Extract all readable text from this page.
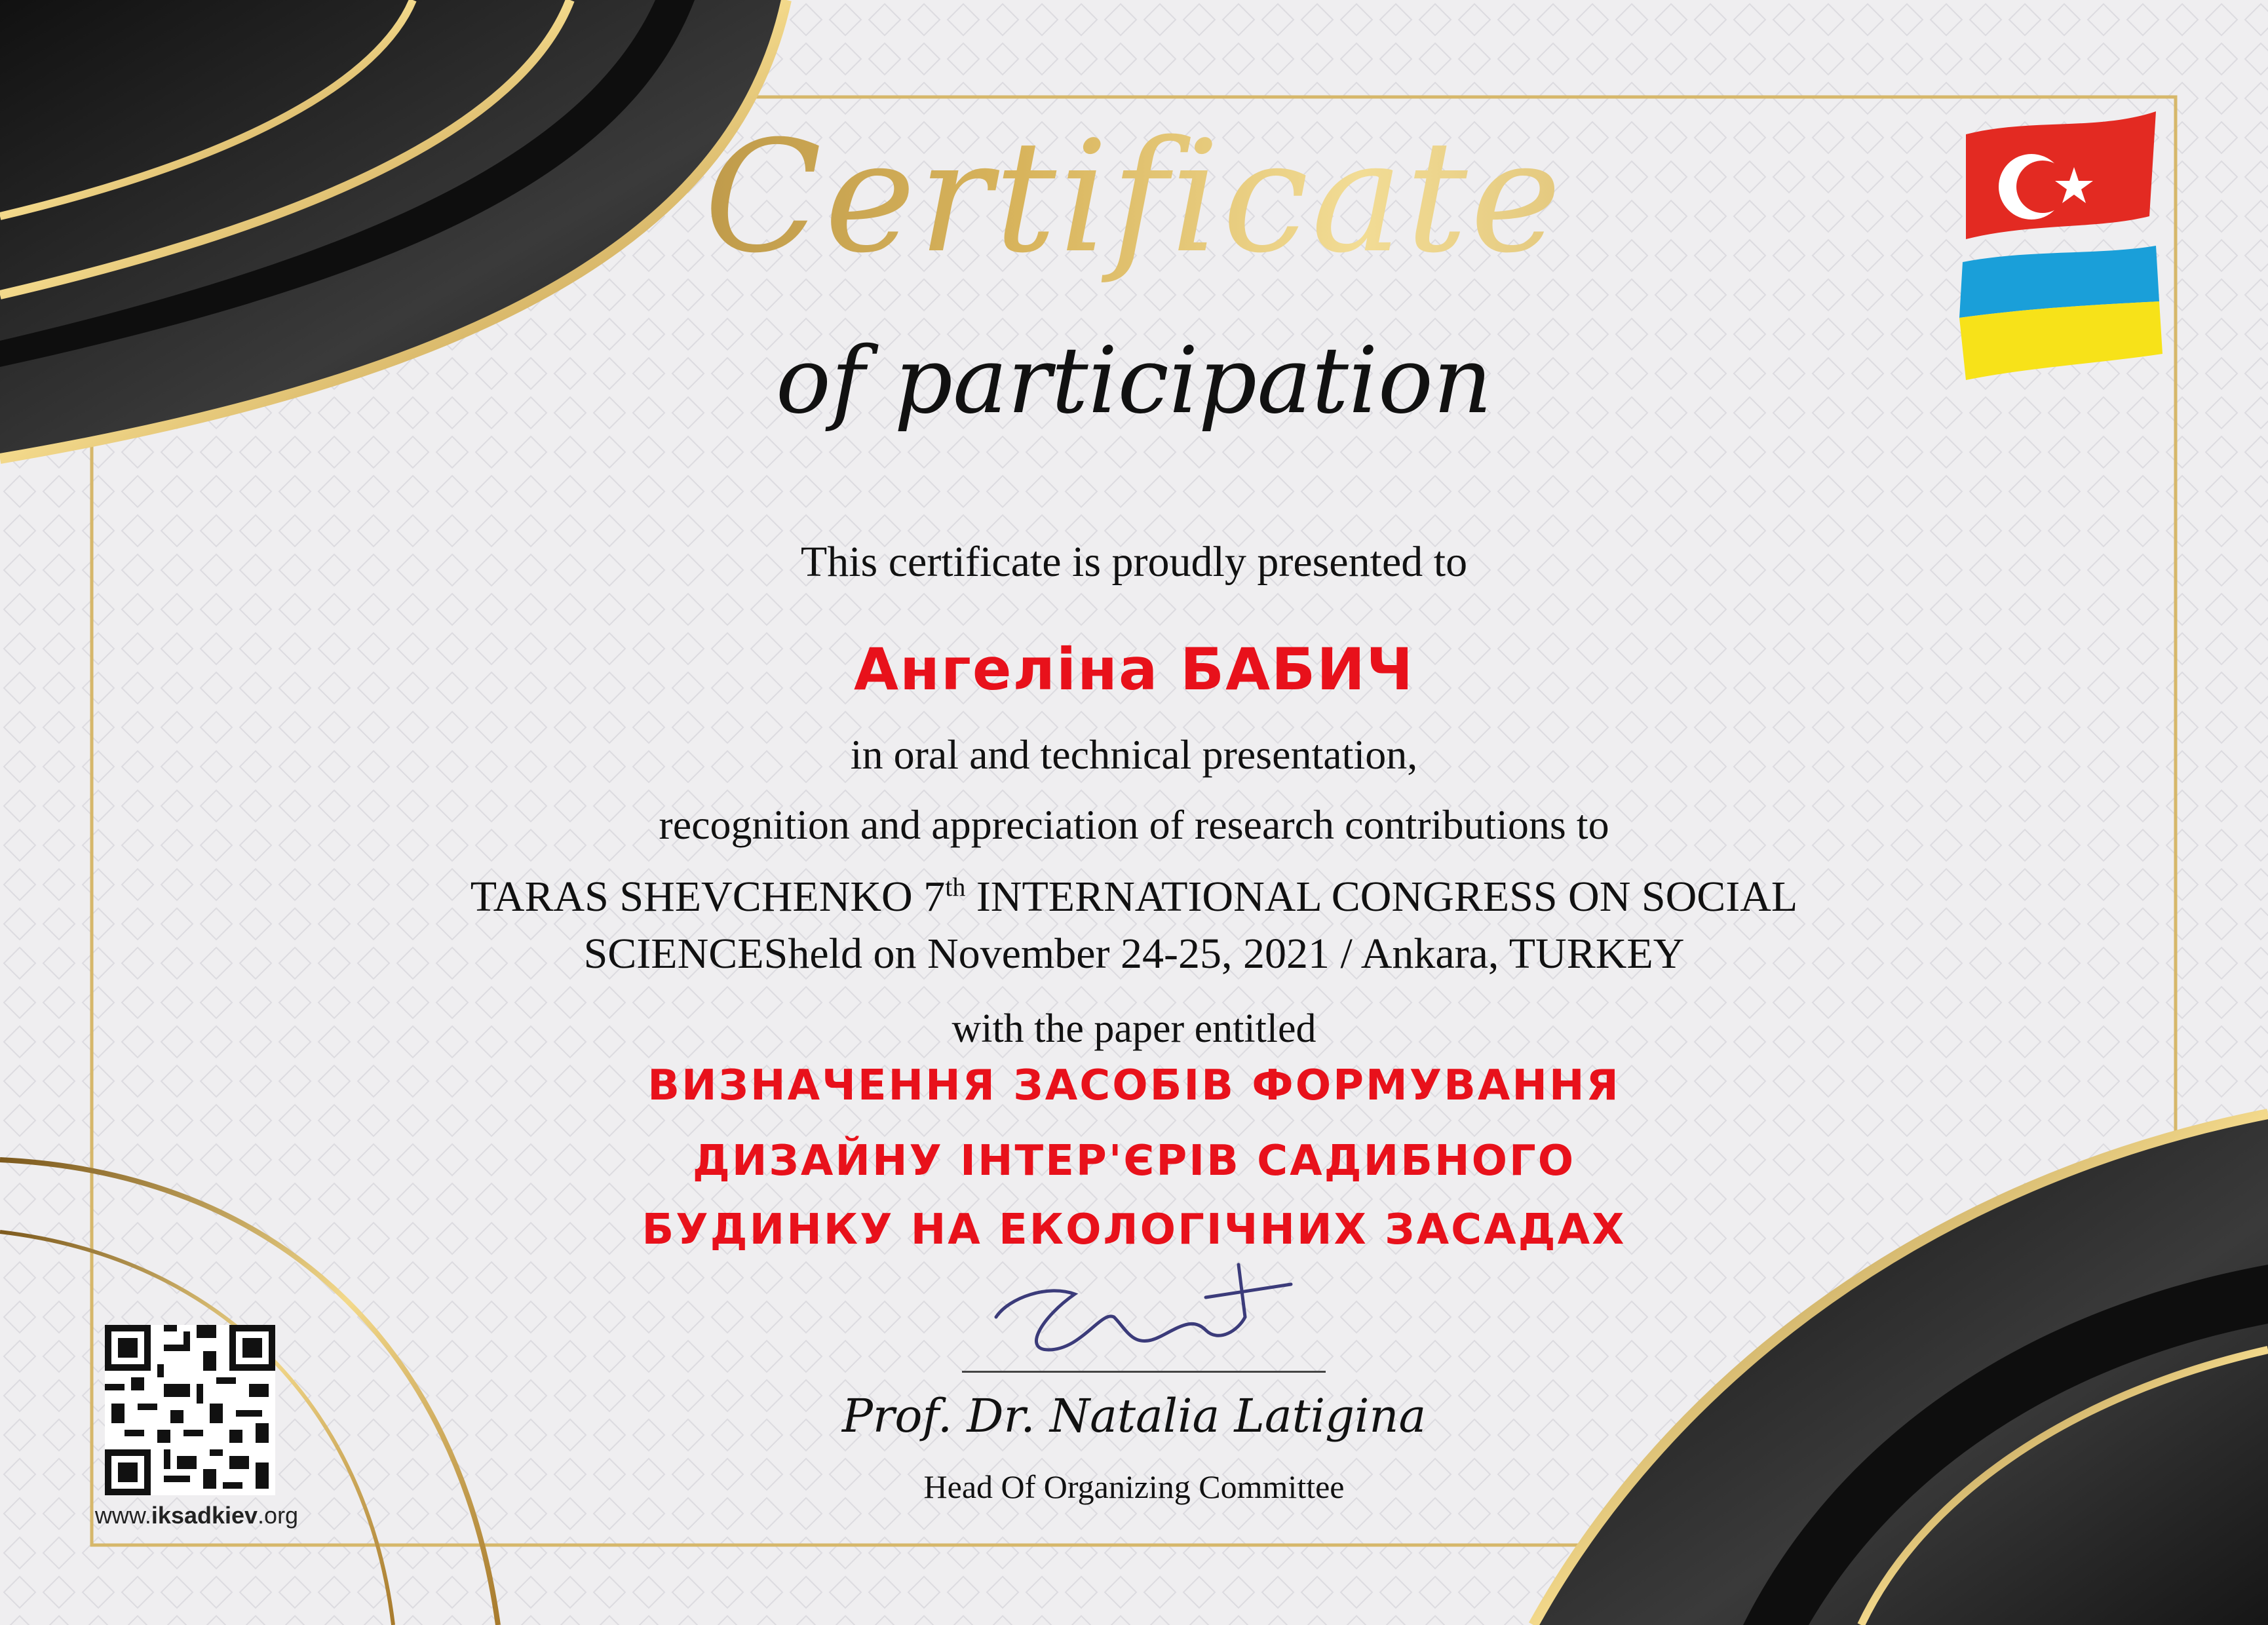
Certificate
of participation
This certificate is proudly presented to
Ангеліна БАБИЧ
in oral and technical presentation,
recognition and appreciation of research contributions to
TARAS SHEVCHENKO 7th INTERNATIONAL CONGRESS ON SOCIAL
SCIENCESheld on November 24-25, 2021 / Ankara, TURKEY
with the paper entitled
ВИЗНАЧЕННЯ ЗАСОБІВ ФОРМУВАННЯ
ДИЗАЙНУ ІНТЕР'ЄРІВ САДИБНОГО
БУДИНКУ НА ЕКОЛОГІЧНИХ ЗАСАДАХ
Prof. Dr. Natalia Latigina
Head Of Organizing Committee
www.iksadkiev.org
